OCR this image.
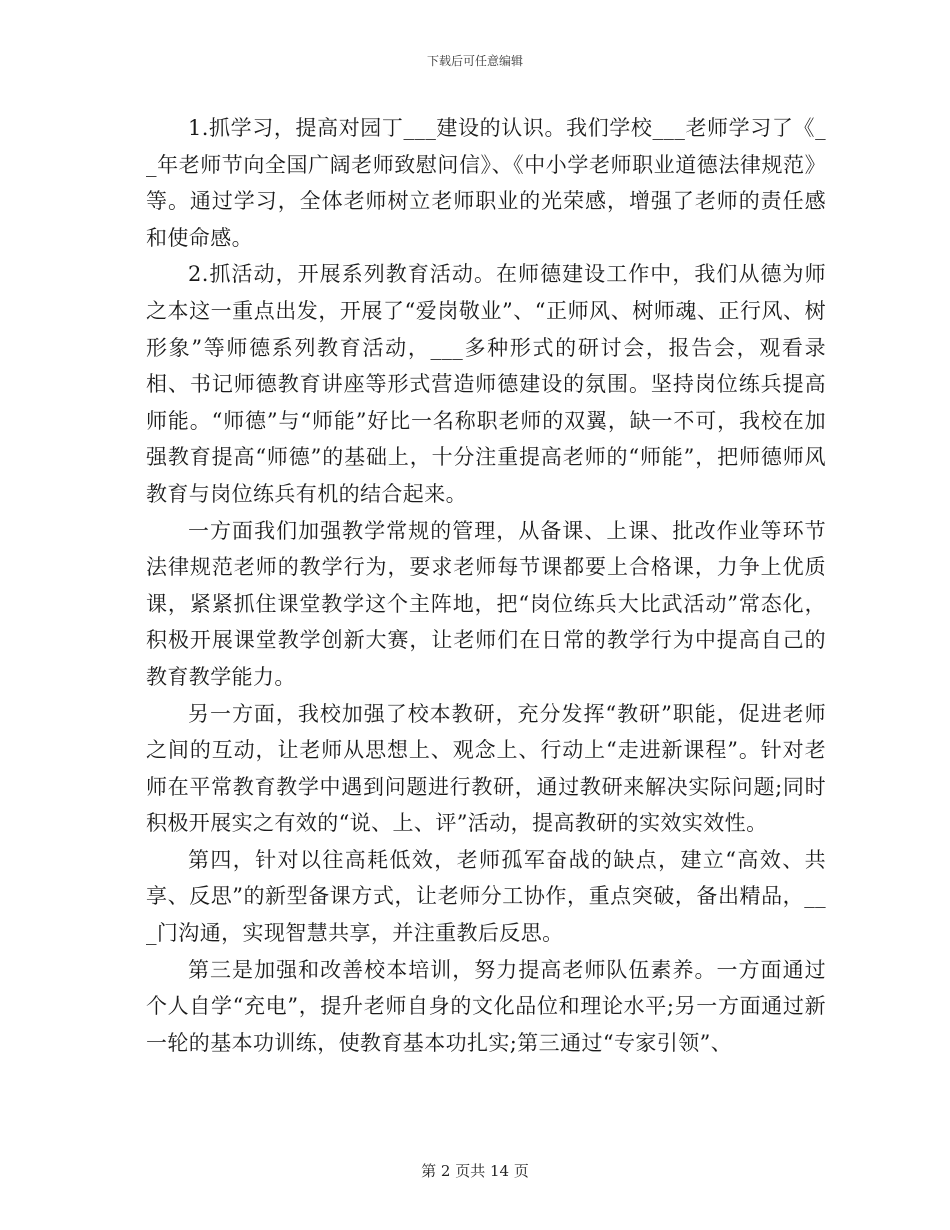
下载后可任意编辑

1.抓学习，提高对园丁___建设的认识。我们学校___老师学习了《__年老师节向全国广阔老师致慰问信》、《中小学老师职业道德法律规范》等。通过学习，全体老师树立老师职业的光荣感，增强了老师的责任感和使命感。

2.抓活动，开展系列教育活动。在师德建设工作中，我们从德为师之本这一重点出发，开展了“爱岗敬业”、“正师风、树师魂、正行风、树形象”等师德系列教育活动，___多种形式的研讨会，报告会，观看录相、书记师德教育讲座等形式营造师德建设的氛围。坚持岗位练兵提高师能。“师德”与“师能”好比一名称职老师的双翼，缺一不可，我校在加强教育提高“师德”的基础上，十分注重提高老师的“师能”，把师德师风教育与岗位练兵有机的结合起来。

一方面我们加强教学常规的管理，从备课、上课、批改作业等环节法律规范老师的教学行为，要求老师每节课都要上合格课，力争上优质课，紧紧抓住课堂教学这个主阵地，把“岗位练兵大比武活动”常态化，积极开展课堂教学创新大赛，让老师们在日常的教学行为中提高自己的教育教学能力。

另一方面，我校加强了校本教研，充分发挥“教研”职能，促进老师之间的互动，让老师从思想上、观念上、行动上“走进新课程”。针对老师在平常教育教学中遇到问题进行教研，通过教研来解决实际问题;同时积极开展实之有效的“说、上、评”活动，提高教研的实效实效性。

第四，针对以往高耗低效，老师孤军奋战的缺点，建立“高效、共享、反思”的新型备课方式，让老师分工协作，重点突破，备出精品，___门沟通，实现智慧共享，并注重教后反思。

第三是加强和改善校本培训，努力提高老师队伍素养。一方面通过个人自学“充电”，提升老师自身的文化品位和理论水平;另一方面通过新一轮的基本功训练，使教育基本功扎实;第三通过“专家引领”、

第 2 页共 14 页
